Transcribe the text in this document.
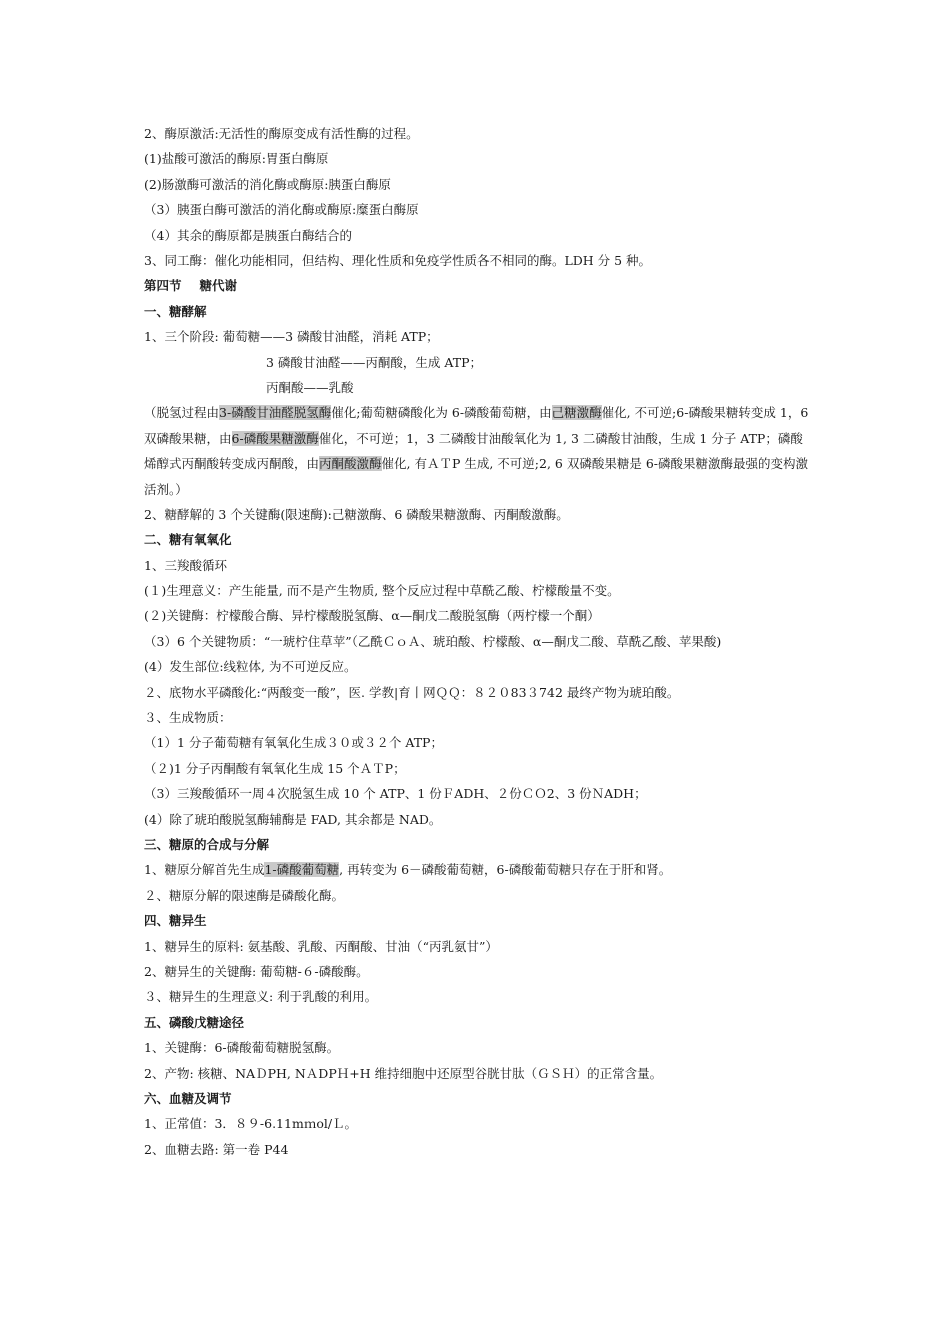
2、酶原激活:无活性的酶原变成有活性酶的过程。
(1)盐酸可激活的酶原:胃蛋白酶原
(2)肠激酶可激活的消化酶或酶原:胰蛋白酶原
（3）胰蛋白酶可激活的消化酶或酶原:糜蛋白酶原
（4）其余的酶原都是胰蛋白酶结合的
3、同工酶：催化功能相同，但结构、理化性质和免疫学性质各不相同的酶。LDH 分 5 种。
第四节 糖代谢
一、糖酵解
1、三个阶段: 葡萄糖——3 磷酸甘油醛，消耗 ATP；
3 磷酸甘油醛——丙酮酸，生成 ATP；
丙酮酸——乳酸
（脱氢过程由3-磷酸甘油醛脱氢酶催化;葡萄糖磷酸化为 6-磷酸葡萄糖，由己糖激酶催化, 不可逆;6-磷酸果糖转变成 1，6 双磷酸果糖，由6-磷酸果糖激酶催化，不可逆；1，3 二磷酸甘油酸氧化为 1, 3 二磷酸甘油酸，生成 1 分子 ATP；磷酸烯醇式丙酮酸转变成丙酮酸，由丙酮酸激酶催化, 有ＡＴP 生成, 不可逆;2, 6 双磷酸果糖是 6-磷酸果糖激酶最强的变构激活剂。）
2、糖酵解的 3 个关键酶(限速酶):己糖激酶、6 磷酸果糖激酶、丙酮酸激酶。
二、糖有氧氧化
1、三羧酸循环
(１)生理意义：产生能量, 而不是产生物质, 整个反应过程中草酰乙酸、柠檬酸量不变。
(２)关键酶：柠檬酸合酶、异柠檬酸脱氢酶、α—酮戊二酸脱氢酶（两柠檬一个酮）
（3）6 个关键物质：“一琥柠住草苹”（乙酰ＣｏＡ、琥珀酸、柠檬酸、α—酮戊二酸、草酰乙酸、苹果酸)
(4）发生部位:线粒体, 为不可逆反应。
２、底物水平磷酸化:“两酸变一酸”，医. 学教|育丨网ＱＱ：８２０83３742 最终产物为琥珀酸。
３、生成物质：
（1）1 分子葡萄糖有氧氧化生成３０或３２个 ATP；
（２)1 分子丙酮酸有氧氧化生成 15 个ＡＴP；
（3）三羧酸循环一周４次脱氢生成 10 个 ATP、1 份ＦADH、２份ＣＯ2、3 份ＮADH；
(4）除了琥珀酸脱氢酶辅酶是 FAD, 其余都是 NAD。
三、糖原的合成与分解
1、糖原分解首先生成1-磷酸葡萄糖, 再转变为 6－磷酸葡萄糖，6-磷酸葡萄糖只存在于肝和肾。
２、糖原分解的限速酶是磷酸化酶。
四、糖异生
1、糖异生的原料: 氨基酸、乳酸、丙酮酸、甘油（“丙乳氨甘”）
2、糖异生的关键酶: 葡萄糖-６-磷酸酶。
３、糖异生的生理意义: 利于乳酸的利用。
五、磷酸戊糖途径
1、关键酶：6-磷酸葡萄糖脱氢酶。
2、产物: 核糖、NAＤPH, NＡDPＨ+H 维持细胞中还原型谷胱甘肽（ＧＳＨ）的正常含量。
六、血糖及调节
1、正常值：3．８９-6.11mｍol/Ｌ。
2、血糖去路: 第一卷 P44
